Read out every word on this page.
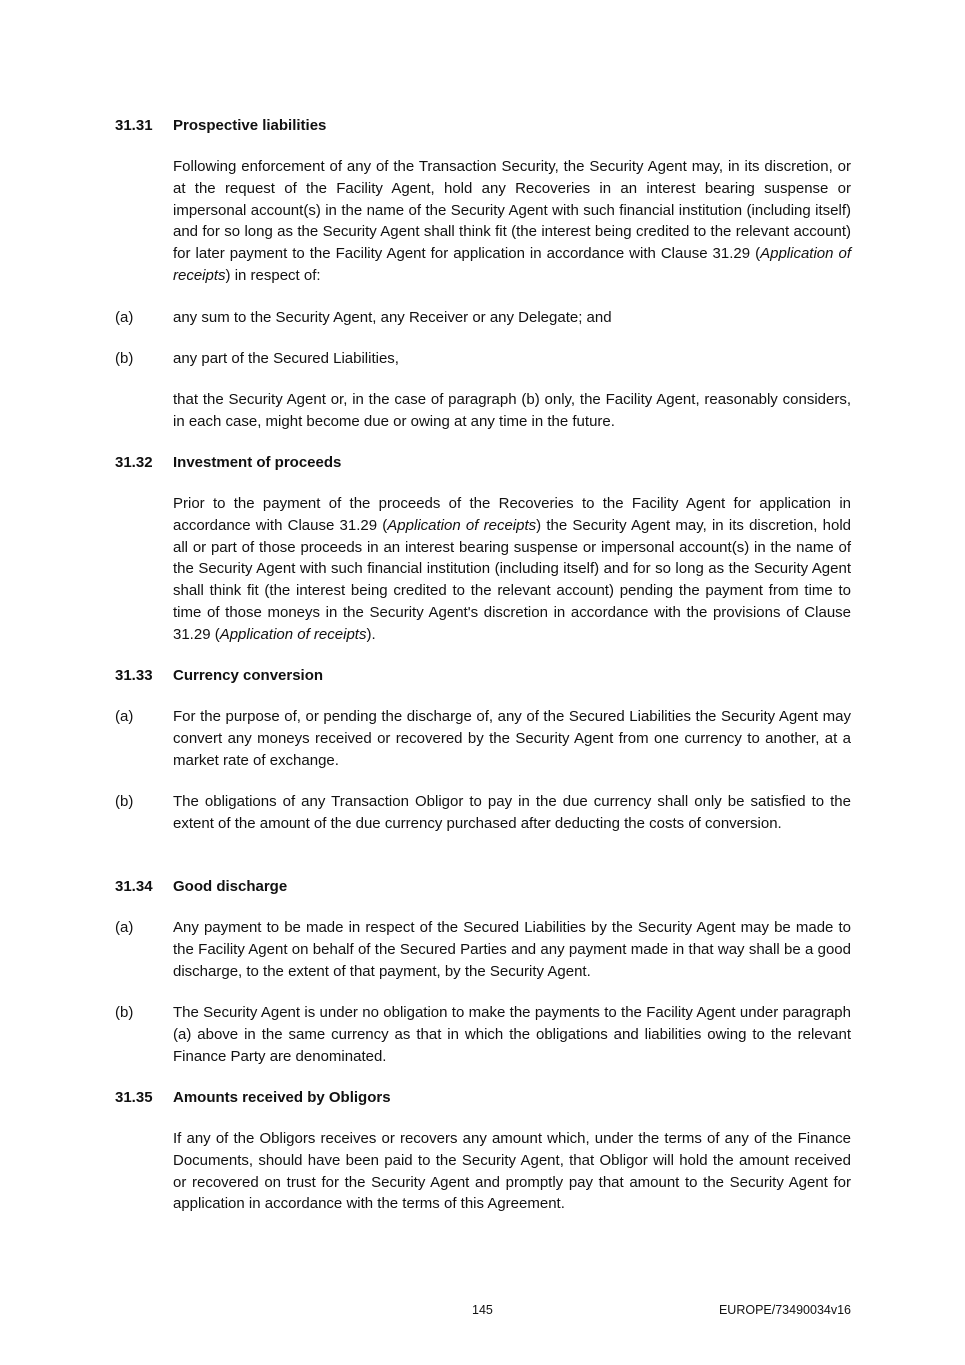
31.31 Prospective liabilities

Following enforcement of any of the Transaction Security, the Security Agent may, in its discretion, or at the request of the Facility Agent, hold any Recoveries in an interest bearing suspense or impersonal account(s) in the name of the Security Agent with such financial institution (including itself) and for so long as the Security Agent shall think fit (the interest being credited to the relevant account) for later payment to the Facility Agent for application in accordance with Clause 31.29 (Application of receipts) in respect of:

(a)	any sum to the Security Agent, any Receiver or any Delegate; and

(b)	any part of the Secured Liabilities,

that the Security Agent or, in the case of paragraph (b) only, the Facility Agent, reasonably considers, in each case, might become due or owing at any time in the future.

31.32 Investment of proceeds

Prior to the payment of the proceeds of the Recoveries to the Facility Agent for application in accordance with Clause 31.29 (Application of receipts) the Security Agent may, in its discretion, hold all or part of those proceeds in an interest bearing suspense or impersonal account(s) in the name of the Security Agent with such financial institution (including itself) and for so long as the Security Agent shall think fit (the interest being credited to the relevant account) pending the payment from time to time of those moneys in the Security Agent's discretion in accordance with the provisions of Clause 31.29 (Application of receipts).

31.33 Currency conversion
(a)	For the purpose of, or pending the discharge of, any of the Secured Liabilities the Security Agent may convert any moneys received or recovered by the Security Agent from one currency to another, at a market rate of exchange.

(b)	The obligations of any Transaction Obligor to pay in the due currency shall only be satisfied to the extent of the amount of the due currency purchased after deducting the costs of conversion.

31.34 Good discharge
(a)	Any payment to be made in respect of the Secured Liabilities by the Security Agent may be made to the Facility Agent on behalf of the Secured Parties and any payment made in that way shall be a good discharge, to the extent of that payment, by the Security Agent.

(b)	The Security Agent is under no obligation to make the payments to the Facility Agent under paragraph (a) above in the same currency as that in which the obligations and liabilities owing to the relevant Finance Party are denominated.

31.35 Amounts received by Obligors

If any of the Obligors receives or recovers any amount which, under the terms of any of the Finance Documents, should have been paid to the Security Agent, that Obligor will hold the amount received or recovered on trust for the Security Agent and promptly pay that amount to the Security Agent for application in accordance with the terms of this Agreement.

145	EUROPE/73490034v16
